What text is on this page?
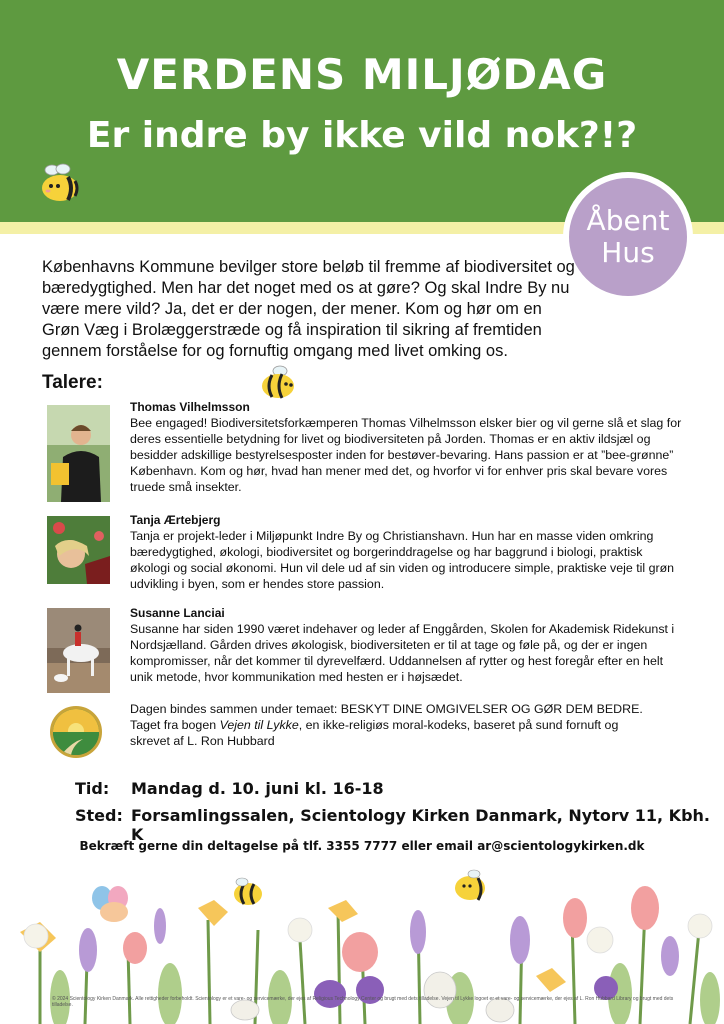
VERDENS MILJØDAG
Er indre by ikke vild nok?!?
Åbent
Hus
Københavns Kommune bevilger store beløb til fremme af biodiversitet og bæredygtighed. Men har det noget med os at gøre? Og skal Indre By nu være mere vild? Ja, det er der nogen, der mener. Kom og hør om en Grøn Væg i Brolæggerstræde og få inspiration til sikring af fremtiden gennem forståelse for og fornuftig omgang med livet omking os.
Talere:
Thomas Vilhelmsson
Bee engaged! Biodiversitetsforkæmperen Thomas Vilhelmsson elsker bier og vil gerne slå et slag for deres essentielle betydning for livet og biodiversiteten på Jorden. Thomas er en aktiv ildsjæl og besidder adskillige bestyrelsesposter inden for bestøver-bevaring. Hans passion er at ”bee-grønne” København. Kom og hør, hvad han mener med det, og hvorfor vi for enhver pris skal bevare vores truede små insekter.
Tanja Ærtebjerg
Tanja er projekt-leder i Miljøpunkt Indre By og Christianshavn. Hun har en masse viden omkring bæredygtighed, økologi, biodiversitet og borgerinddragelse og har baggrund i biologi, praktisk økologi og social økonomi. Hun vil dele ud af sin viden og introducere simple, praktiske veje til grøn udvikling i byen, som er hendes store passion.
Susanne Lanciai
Susanne har siden 1990 været indehaver og leder af Enggården, Skolen for Akademisk Ridekunst i Nordsjælland. Gården drives økologisk, biodiversiteten er til at tage og føle på, og der er ingen kompromisser, når det kommer til dyrevelfærd. Uddannelsen af rytter og hest foregår efter en helt unik metode, hvor kommunikation med hesten er i højsædet.
Dagen bindes sammen under temaet: BESKYT DINE OMGIVELSER OG GØR DEM BEDRE.
Taget fra bogen Vejen til Lykke, en ikke-religiøs moral-kodeks, baseret på sund fornuft og
skrevet af L. Ron Hubbard
Tid: Mandag d. 10. juni kl. 16-18
Sted: Forsamlingssalen, Scientology Kirken Danmark, Nytorv 11, Kbh. K
Bekræft gerne din deltagelse på tlf. 3355 7777 eller email ar@scientologykirken.dk
© 2024 Scientology Kirken Danmark. Alle rettigheder forbeholdt. Scientology er et vare- og servicemærke, der ejes af Religious Technology Center og brugt med dets tilladelse. Vejen til Lykke logoet er et vare- og servicemærke, der ejes af L. Ron Hubbard Library og brugt med dets tilladelse.
